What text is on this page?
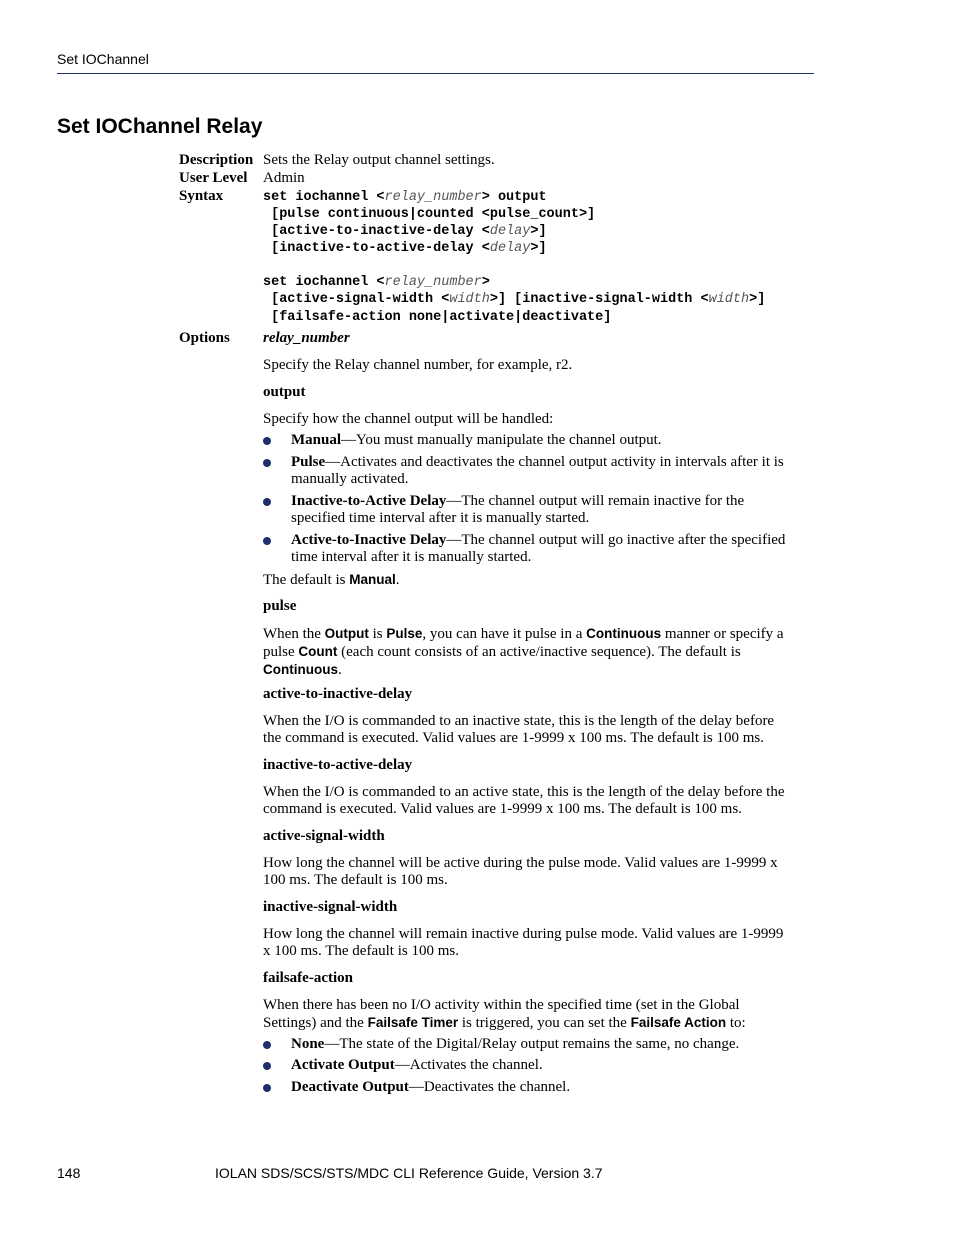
Set IOChannel
Set IOChannel Relay
Description Sets the Relay output channel settings.
User Level Admin
Syntax	set iochannel <relay_number> output
[pulse continuous|counted <pulse_count>]
[active-to-inactive-delay <delay>]
[inactive-to-active-delay <delay>]
set iochannel <relay_number>
[active-signal-width <width>] [inactive-signal-width <width>]
[failsafe-action none|activate|deactivate]
Options relay_number
Specify the Relay channel number, for example, r2.
output
Specify how the channel output will be handled:
Manual—You must manually manipulate the channel output.
Pulse—Activates and deactivates the channel output activity in intervals after it is
manually activated.
Inactive-to-Active Delay—The channel output will remain inactive for the
specified time interval after it is manually started.
Active-to-Inactive Delay—The channel output will go inactive after the specified
time interval after it is manually started.
The default is Manual.
pulse
When the Output is Pulse, you can have it pulse in a Continuous manner or specify a
pulse Count (each count consists of an active/inactive sequence). The default is
Continuous.
active-to-inactive-delay
When the I/O is commanded to an inactive state, this is the length of the delay before
the command is executed. Valid values are 1-9999 x 100 ms. The default is 100 ms.
inactive-to-active-delay
When the I/O is commanded to an active state, this is the length of the delay before the
command is executed. Valid values are 1-9999 x 100 ms. The default is 100 ms.
active-signal-width
How long the channel will be active during the pulse mode. Valid values are 1-9999 x
100 ms. The default is 100 ms.
inactive-signal-width
How long the channel will remain inactive during pulse mode. Valid values are 1-9999
x 100 ms. The default is 100 ms.
failsafe-action
When there has been no I/O activity within the specified time (set in the Global
Settings) and the Failsafe Timer is triggered, you can set the Failsafe Action to:
None—The state of the Digital/Relay output remains the same, no change.
Activate Output—Activates the channel.
Deactivate Output—Deactivates the channel.
148	IOLAN SDS/SCS/STS/MDC CLI Reference Guide, Version 3.7
